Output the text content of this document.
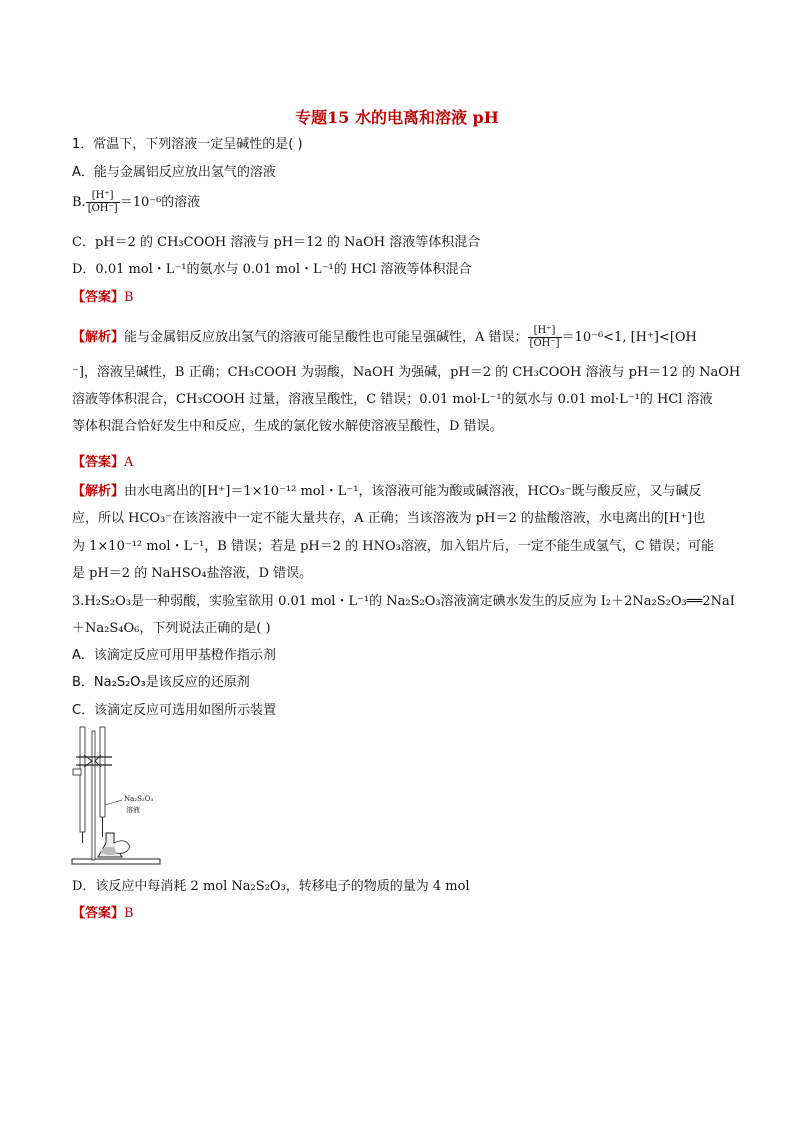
专题15 水的电离和溶液 pH
1．常温下，下列溶液一定呈碱性的是( )
A．能与金属铝反应放出氢气的溶液
B. $\frac{[H^+]}{[OH^-]} =10^{-6}$的溶液
C．pH＝2 的 CH₃COOH 溶液与 pH＝12 的 NaOH 溶液等体积混合
D．0.01 mol・L⁻¹的氨水与 0.01 mol・L⁻¹的 HCl 溶液等体积混合
【答案】B
【解析】能与金属铝反应放出氢气的溶液可能呈酸性也可能呈强碱性，A 错误； $\frac{[H^+]}{[OH^-]} =10^{-6}<1$, [H⁺]<[OH
⁻]，溶液呈碱性，B 正确；CH₃COOH 为弱酸，NaOH 为强碱，pH＝2 的 CH₃COOH 溶液与 pH＝12 的 NaOH
溶液等体积混合，CH₃COOH 过量，溶液呈酸性，C 错误；0.01 mol·L⁻¹的氨水与 0.01 mol·L⁻¹的 HCl 溶液
等体积混合恰好发生中和反应，生成的氯化铵水解使溶液呈酸性，D 错误。
【答案】A
【解析】由水电离出的[H⁺]＝1×10⁻¹² mol・L⁻¹，该溶液可能为酸或碱溶液，HCO₃⁻既与酸反应，又与碱反
应，所以 HCO₃⁻在该溶液中一定不能大量共存，A 正确；当该溶液为 pH＝2 的盐酸溶液，水电离出的[H⁺]也
为 1×10⁻¹² mol・L⁻¹，B 错误；若是 pH＝2 的 HNO₃溶液，加入铝片后，一定不能生成氢气，C 错误；可能
是 pH＝2 的 NaHSO₄盐溶液，D 错误。
3.H₂S₂O₃是一种弱酸，实验室欲用 0.01 mol・L⁻¹的 Na₂S₂O₃溶液滴定碘水发生的反应为 I₂＋2Na₂S₂O₃══2NaI
＋Na₂S₄O₆，下列说法正确的是( )
A．该滴定反应可用甲基橙作指示剂
B．Na₂S₂O₃是该反应的还原剂
C．该滴定反应可选用如图所示装置
Na₂S₂O₃
溶液
D．该反应中每消耗 2 mol Na₂S₂O₃，转移电子的物质的量为 4 mol
【答案】B
